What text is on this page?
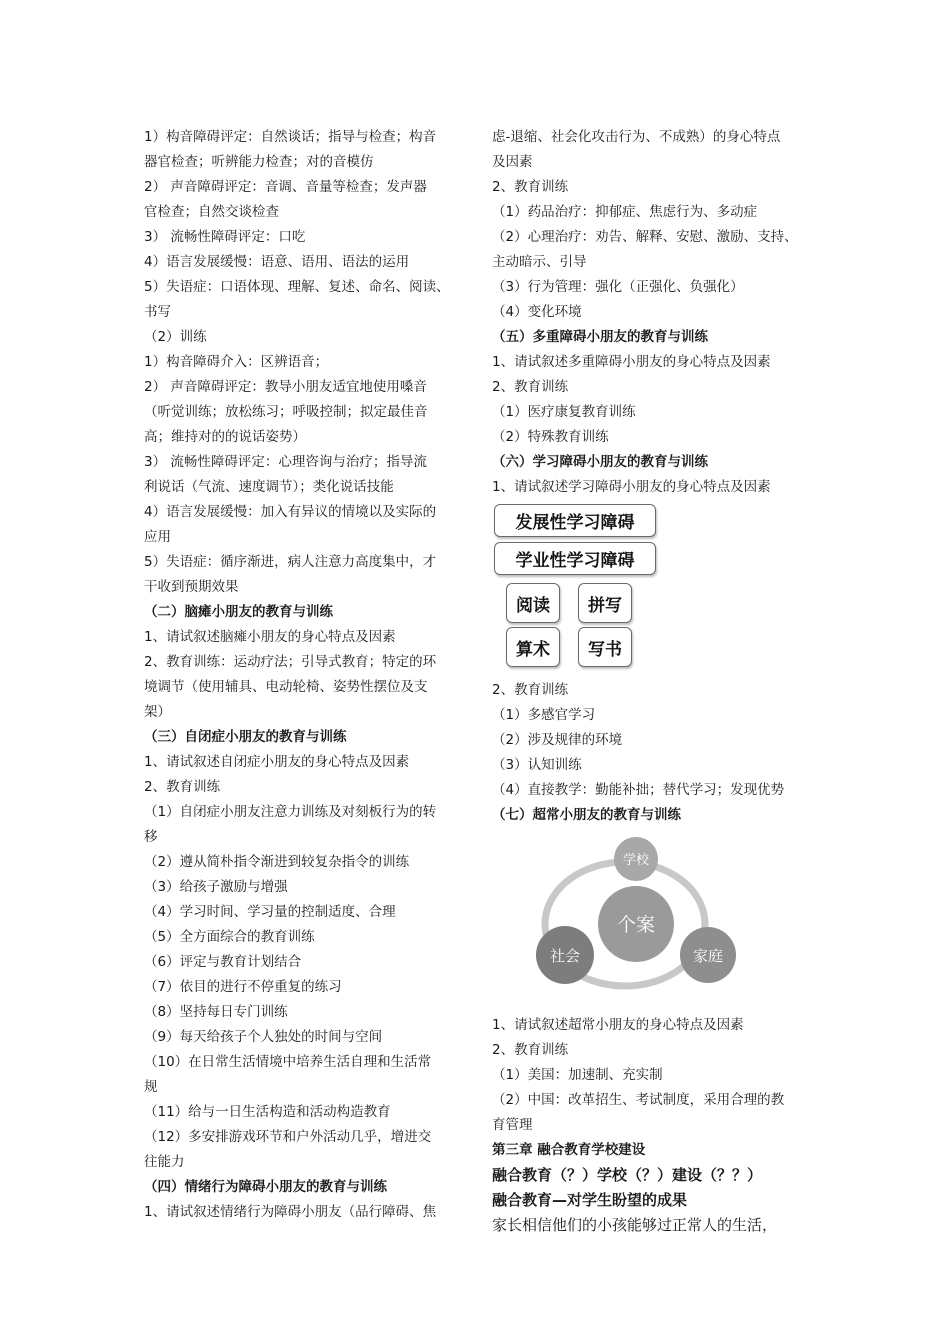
1）构音障碍评定：自然谈话；指导与检查；构音
器官检查；听辨能力检查；对的音模仿
2） 声音障碍评定：音调、音量等检查；发声器
官检查；自然交谈检查
3） 流畅性障碍评定：口吃
4）语言发展缓慢：语意、语用、语法的运用
5）失语症：口语体现、理解、复述、命名、阅读、
书写
（2）训练
1）构音障碍介入：区辨语音；
2） 声音障碍评定：教导小朋友适宜地使用嗓音
（听觉训练；放松练习；呼吸控制；拟定最佳音
高；维持对的的说话姿势）
3） 流畅性障碍评定：心理咨询与治疗；指导流
利说话（气流、速度调节）；类化说话技能
4）语言发展缓慢：加入有异议的情境以及实际的
应用
5）失语症：循序渐进，病人注意力高度集中，才
干收到预期效果
（二）脑瘫小朋友的教育与训练
1、请试叙述脑瘫小朋友的身心特点及因素
2、教育训练：运动疗法；引导式教育；特定的环
境调节（使用辅具、电动轮椅、姿势性摆位及支
架）
（三）自闭症小朋友的教育与训练
1、请试叙述自闭症小朋友的身心特点及因素
2、教育训练
（1）自闭症小朋友注意力训练及对刻板行为的转
移
（2）遵从简朴指令渐进到较复杂指令的训练
（3）给孩子激励与增强
（4）学习时间、学习量的控制适度、合理
（5）全方面综合的教育训练
（6）评定与教育计划结合
（7）依目的进行不停重复的练习
（8）坚持每日专门训练
（9）每天给孩子个人独处的时间与空间
（10）在日常生活情境中培养生活自理和生活常
规
（11）给与一日生活构造和活动构造教育
（12）多安排游戏环节和户外活动几乎，增进交
往能力
（四）情绪行为障碍小朋友的教育与训练
1、请试叙述情绪行为障碍小朋友（品行障碍、焦
虑-退缩、社会化攻击行为、不成熟）的身心特点
及因素
2、教育训练
（1）药品治疗：抑郁症、焦虑行为、多动症
（2）心理治疗：劝告、解释、安慰、激励、支持、
主动暗示、引导
（3）行为管理：强化（正强化、负强化）
（4）变化环境
（五）多重障碍小朋友的教育与训练
1、请试叙述多重障碍小朋友的身心特点及因素
2、教育训练
（1）医疗康复教育训练
（2）特殊教育训练
（六）学习障碍小朋友的教育与训练
1、请试叙述学习障碍小朋友的身心特点及因素
发展性学习障碍
学业性学习障碍
阅读	拼写
算术	写书
2、教育训练
（1）多感官学习
（2）涉及规律的环境
（3）认知训练
（4）直接教学：勤能补拙；替代学习；发现优势
（七）超常小朋友的教育与训练
学校
个案
社会	家庭
1、请试叙述超常小朋友的身心特点及因素
2、教育训练
（1）美国：加速制、充实制
（2）中国：改革招生、考试制度，采用合理的教
育管理
第三章 融合教育学校建设
融合教育（？）学校（？）建设（？？）
融合教育—对学生盼望的成果
家长相信他们的小孩能够过正常人的生活，
